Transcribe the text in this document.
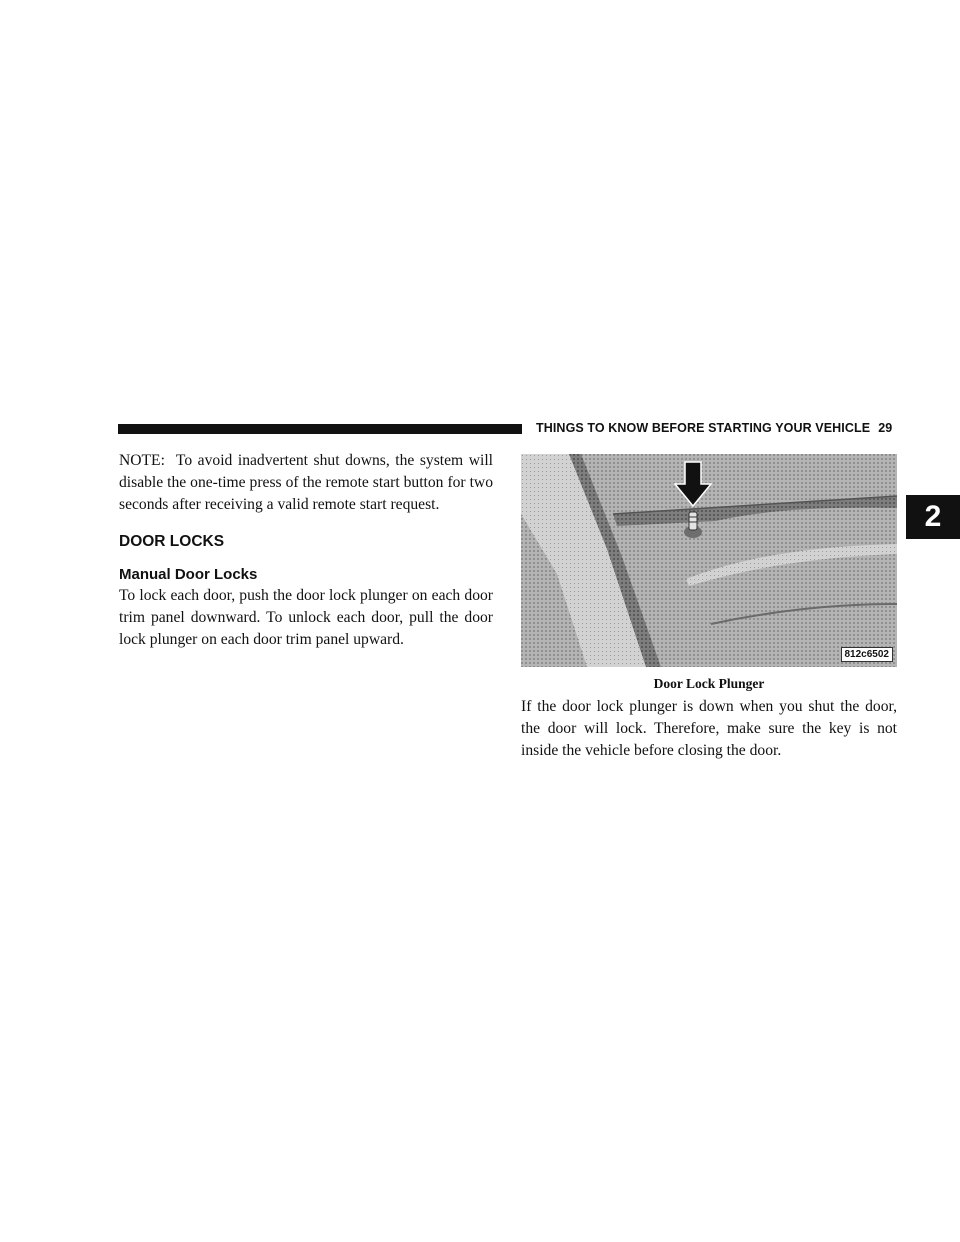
THINGS TO KNOW BEFORE STARTING YOUR VEHICLE 29
2

NOTE: To avoid inadvertent shut downs, the system will disable the one-time press of the remote start button for two seconds after receiving a valid remote start request.

DOOR LOCKS
Manual Door Locks

To lock each door, push the door lock plunger on each door trim panel downward. To unlock each door, pull the door lock plunger on each door trim panel upward.

812c6502
Door Lock Plunger

If the door lock plunger is down when you shut the door, the door will lock. Therefore, make sure the key is not inside the vehicle before closing the door.
